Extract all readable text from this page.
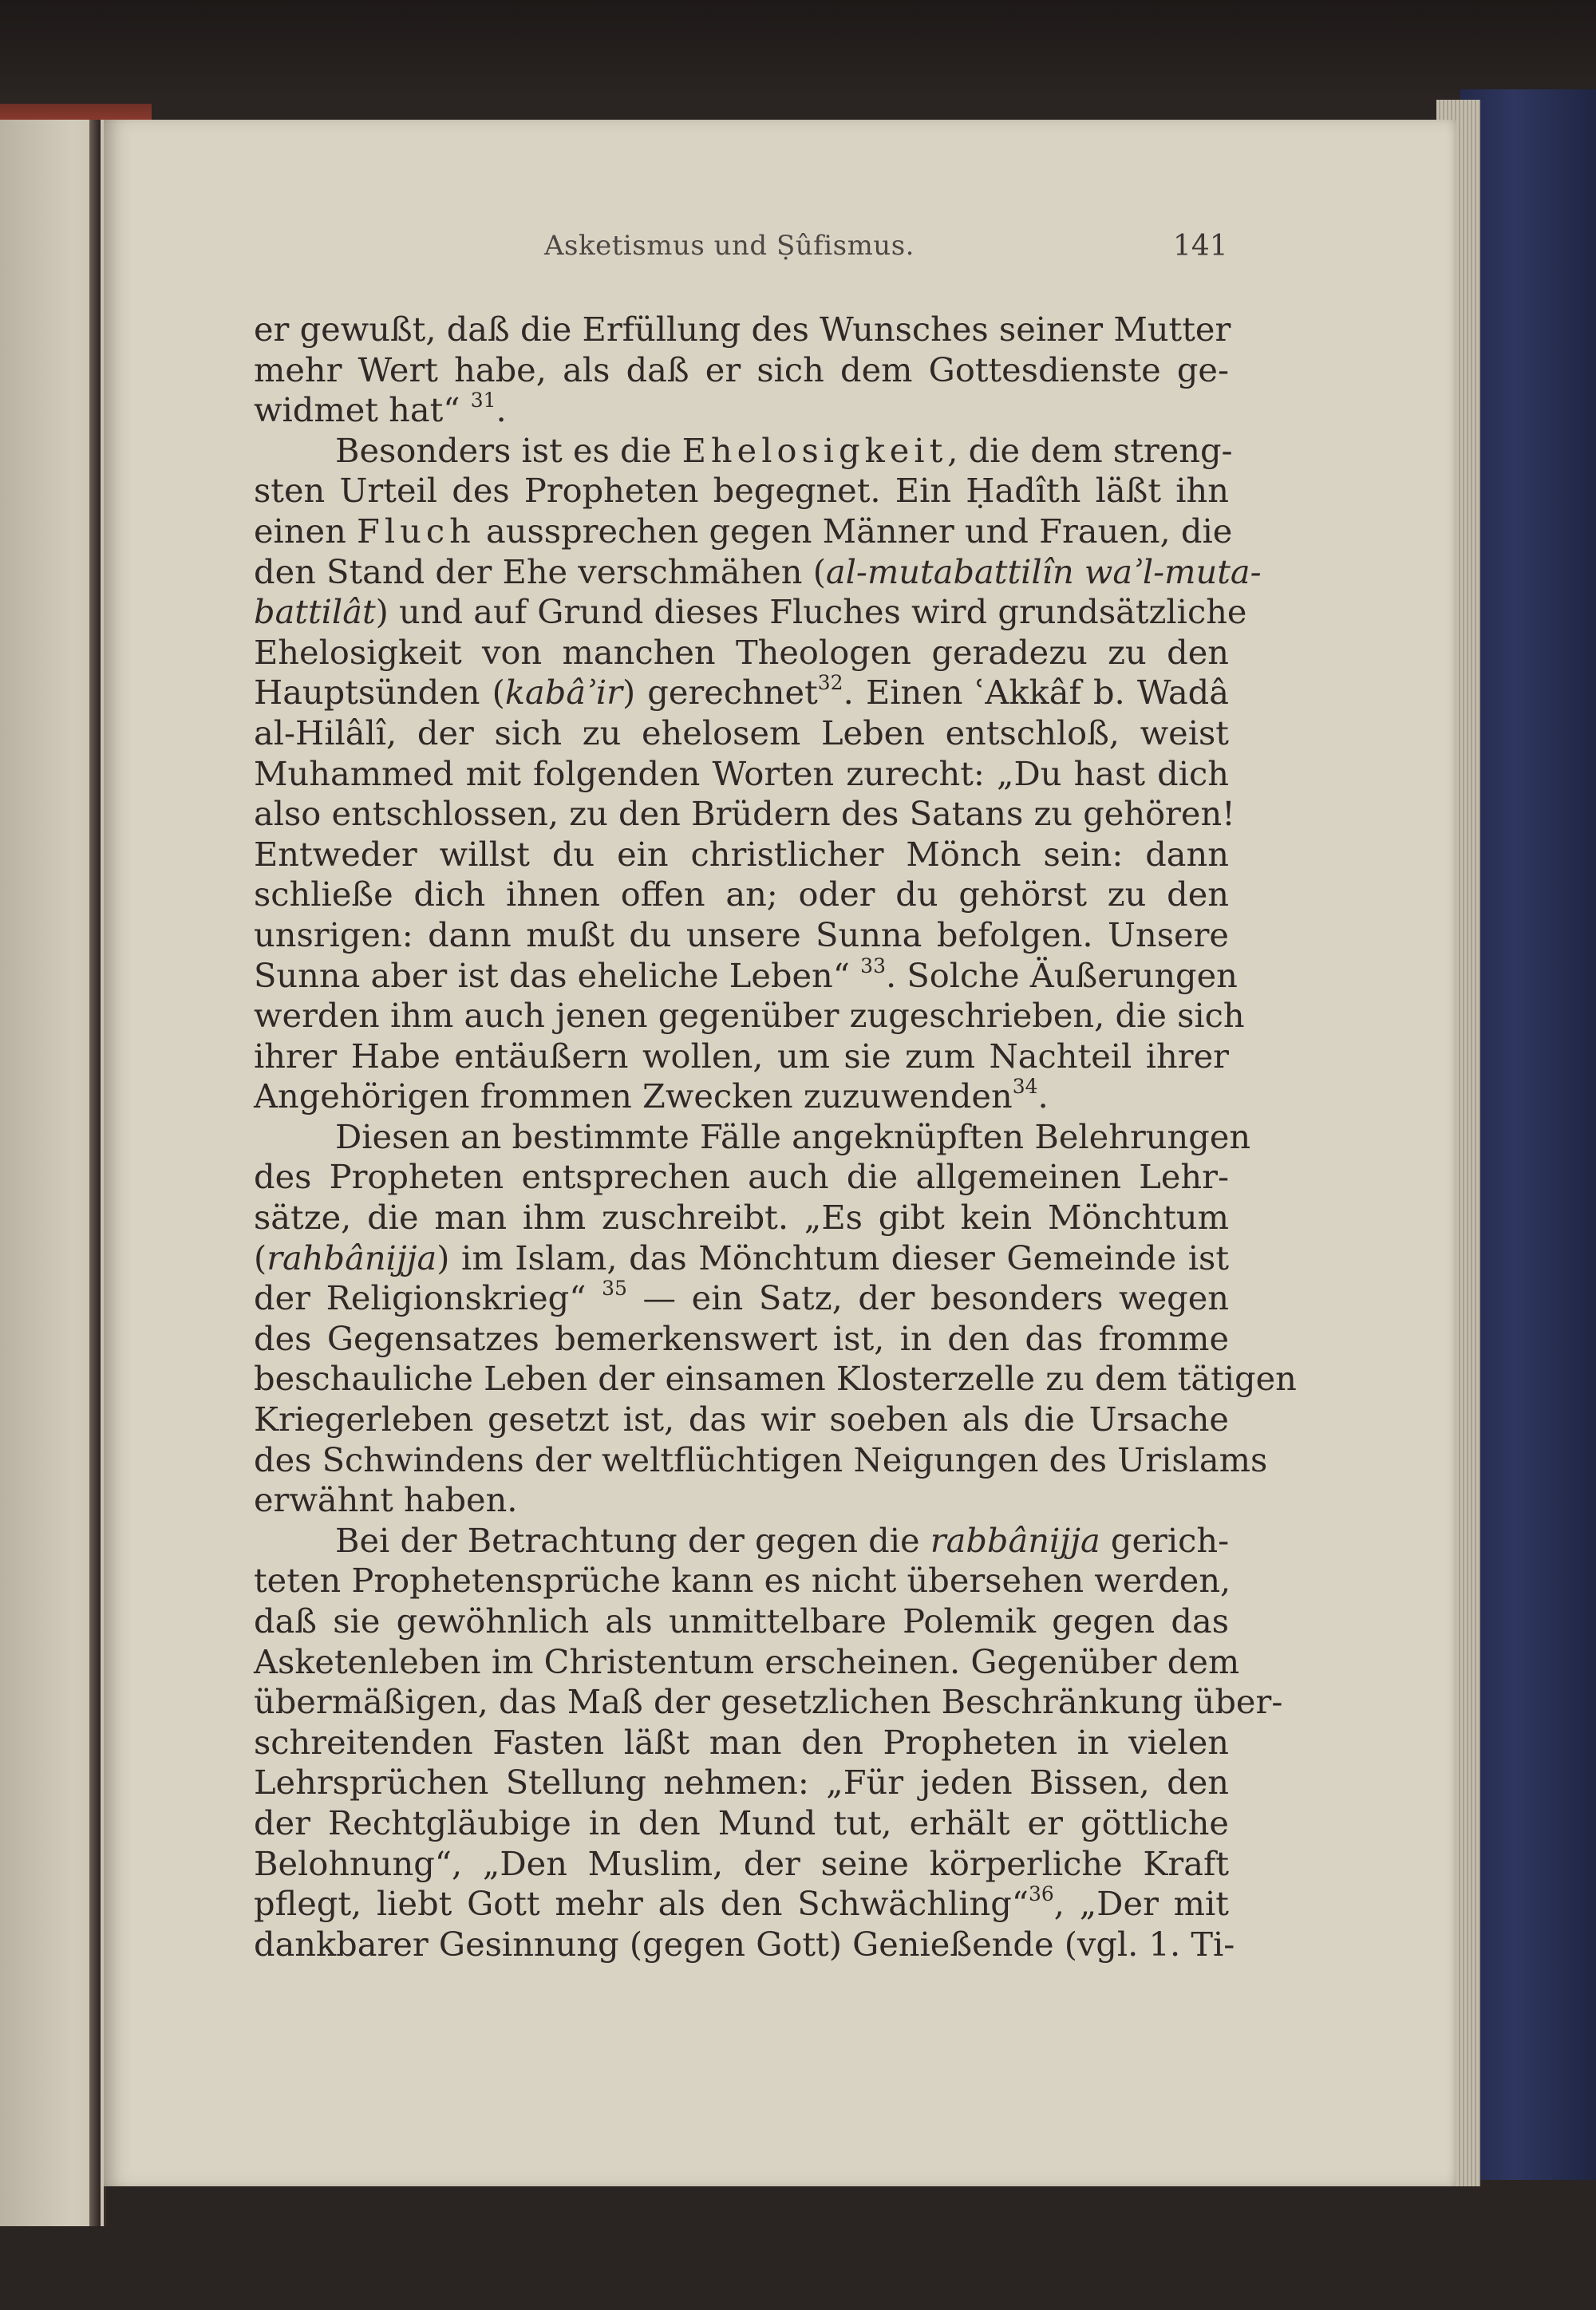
Asketismus und Ṣûfismus.	141
er gewußt, daß die Erfüllung des Wunsches seiner Mutter
mehr Wert habe, als daß er sich dem Gottesdienste ge-
widmet hat“ $^{31}$.
Besonders ist es die Ehelosigkeit, die dem streng-
sten Urteil des Propheten begegnet. Ein Ḥadîth läßt ihn
einen Fluch aussprechen gegen Männer und Frauen, die
den Stand der Ehe verschmähen (al-mutabattilîn waʾl-muta-
battilât) und auf Grund dieses Fluches wird grundsätzliche
Ehelosigkeit von manchen Theologen geradezu zu den
Hauptsünden (kabâʾir) gerechnet$^{32}$. Einen ʿAkkâf b. Wadâ
al-Hilâlî, der sich zu ehelosem Leben entschloß, weist
Muhammed mit folgenden Worten zurecht: „Du hast dich
also entschlossen, zu den Brüdern des Satans zu gehören!
Entweder willst du ein christlicher Mönch sein: dann
schließe dich ihnen offen an; oder du gehörst zu den
unsrigen: dann mußt du unsere Sunna befolgen. Unsere
Sunna aber ist das eheliche Leben“ $^{33}$. Solche Äußerungen
werden ihm auch jenen gegenüber zugeschrieben, die sich
ihrer Habe entäußern wollen, um sie zum Nachteil ihrer
Angehörigen frommen Zwecken zuzuwenden$^{34}$.
Diesen an bestimmte Fälle angeknüpften Belehrungen
des Propheten entsprechen auch die allgemeinen Lehr-
sätze, die man ihm zuschreibt. „Es gibt kein Mönchtum
(rahbânijja) im Islam, das Mönchtum dieser Gemeinde ist
der Religionskrieg“ $^{35}$ — ein Satz, der besonders wegen
des Gegensatzes bemerkenswert ist, in den das fromme
beschauliche Leben der einsamen Klosterzelle zu dem tätigen
Kriegerleben gesetzt ist, das wir soeben als die Ursache
des Schwindens der weltflüchtigen Neigungen des Urislams
erwähnt haben.
Bei der Betrachtung der gegen die rabbânijja gerich-
teten Prophetensprüche kann es nicht übersehen werden,
daß sie gewöhnlich als unmittelbare Polemik gegen das
Asketenleben im Christentum erscheinen. Gegenüber dem
übermäßigen, das Maß der gesetzlichen Beschränkung über-
schreitenden Fasten läßt man den Propheten in vielen
Lehrsprüchen Stellung nehmen: „Für jeden Bissen, den
der Rechtgläubige in den Mund tut, erhält er göttliche
Belohnung“, „Den Muslim, der seine körperliche Kraft
pflegt, liebt Gott mehr als den Schwächling“$^{36}$, „Der mit
dankbarer Gesinnung (gegen Gott) Genießende (vgl. 1. Ti-
